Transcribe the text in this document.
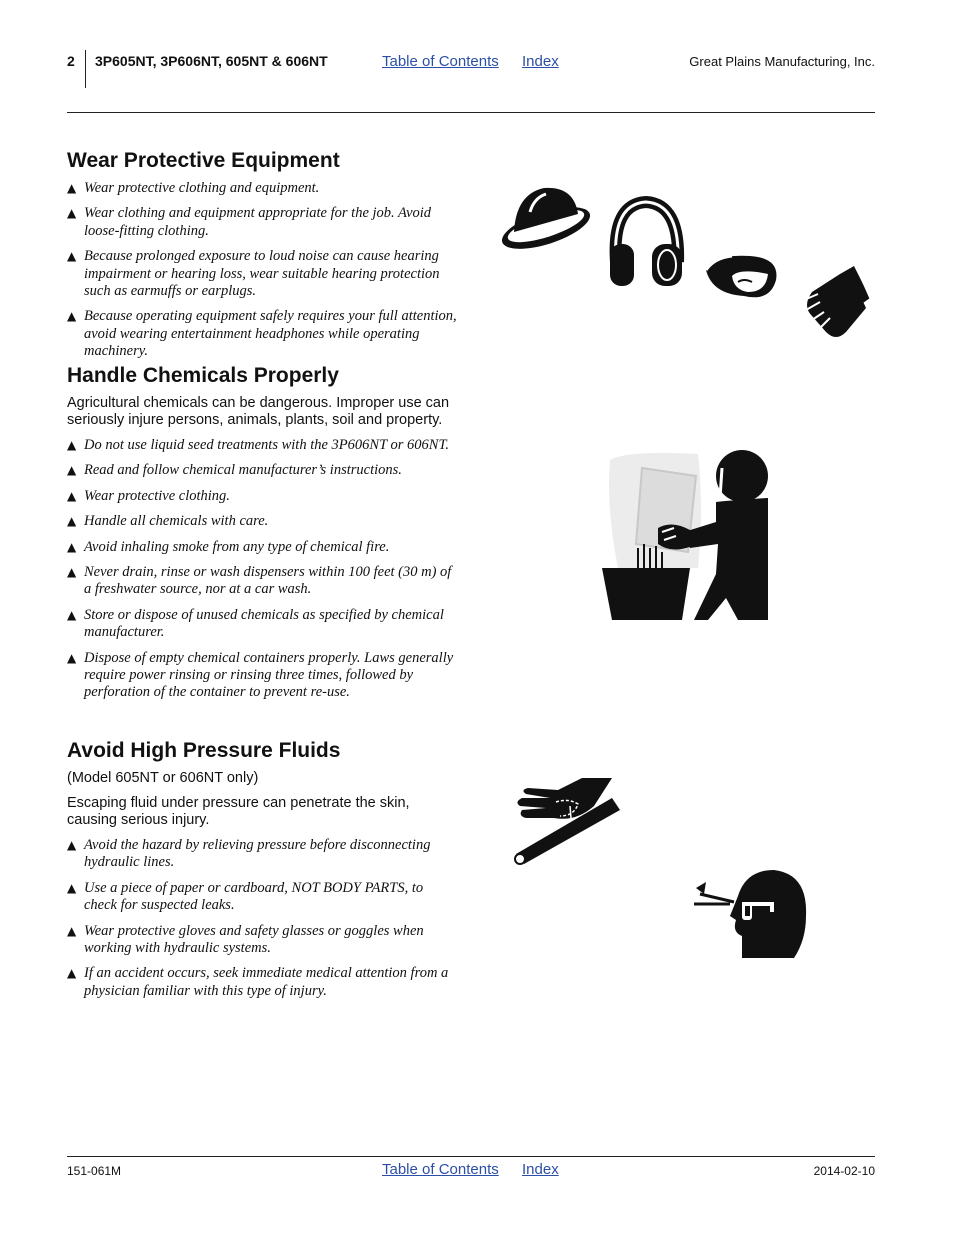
2 3P605NT, 3P606NT, 605NT & 606NT	Table of Contents Index	Great Plains Manufacturing, Inc.
Wear Protective Equipment
▲ Wear protective clothing and equipment.
▲ Wear clothing and equipment appropriate for the job. Avoid loose-fitting clothing.
▲ Because prolonged exposure to loud noise can cause hearing impairment or hearing loss, wear suitable hearing protection such as earmuffs or earplugs.
▲ Because operating equipment safely requires your full attention, avoid wearing entertainment headphones while operating machinery.
Handle Chemicals Properly

Agricultural chemicals can be dangerous. Improper use can seriously injure persons, animals, plants, soil and property.

▲ Do not use liquid seed treatments with the 3P606NT or 606NT.
▲ Read and follow chemical manufacturer’s instructions.
▲ Wear protective clothing.
▲ Handle all chemicals with care.
▲ Avoid inhaling smoke from any type of chemical fire.
▲ Never drain, rinse or wash dispensers within 100 feet (30 m) of a freshwater source, nor at a car wash.
▲ Store or dispose of unused chemicals as specified by chemical manufacturer.
▲ Dispose of empty chemical containers properly. Laws generally require power rinsing or rinsing three times, followed by perforation of the container to prevent re-use.
Avoid High Pressure Fluids

(Model 605NT or 606NT only)

Escaping fluid under pressure can penetrate the skin, causing serious injury.

▲ Avoid the hazard by relieving pressure before disconnecting hydraulic lines.
▲ Use a piece of paper or cardboard, NOT BODY PARTS, to check for suspected leaks.
▲ Wear protective gloves and safety glasses or goggles when working with hydraulic systems.
▲ If an accident occurs, seek immediate medical attention from a physician familiar with this type of injury.
151-061M	Table of Contents Index	2014-02-10
